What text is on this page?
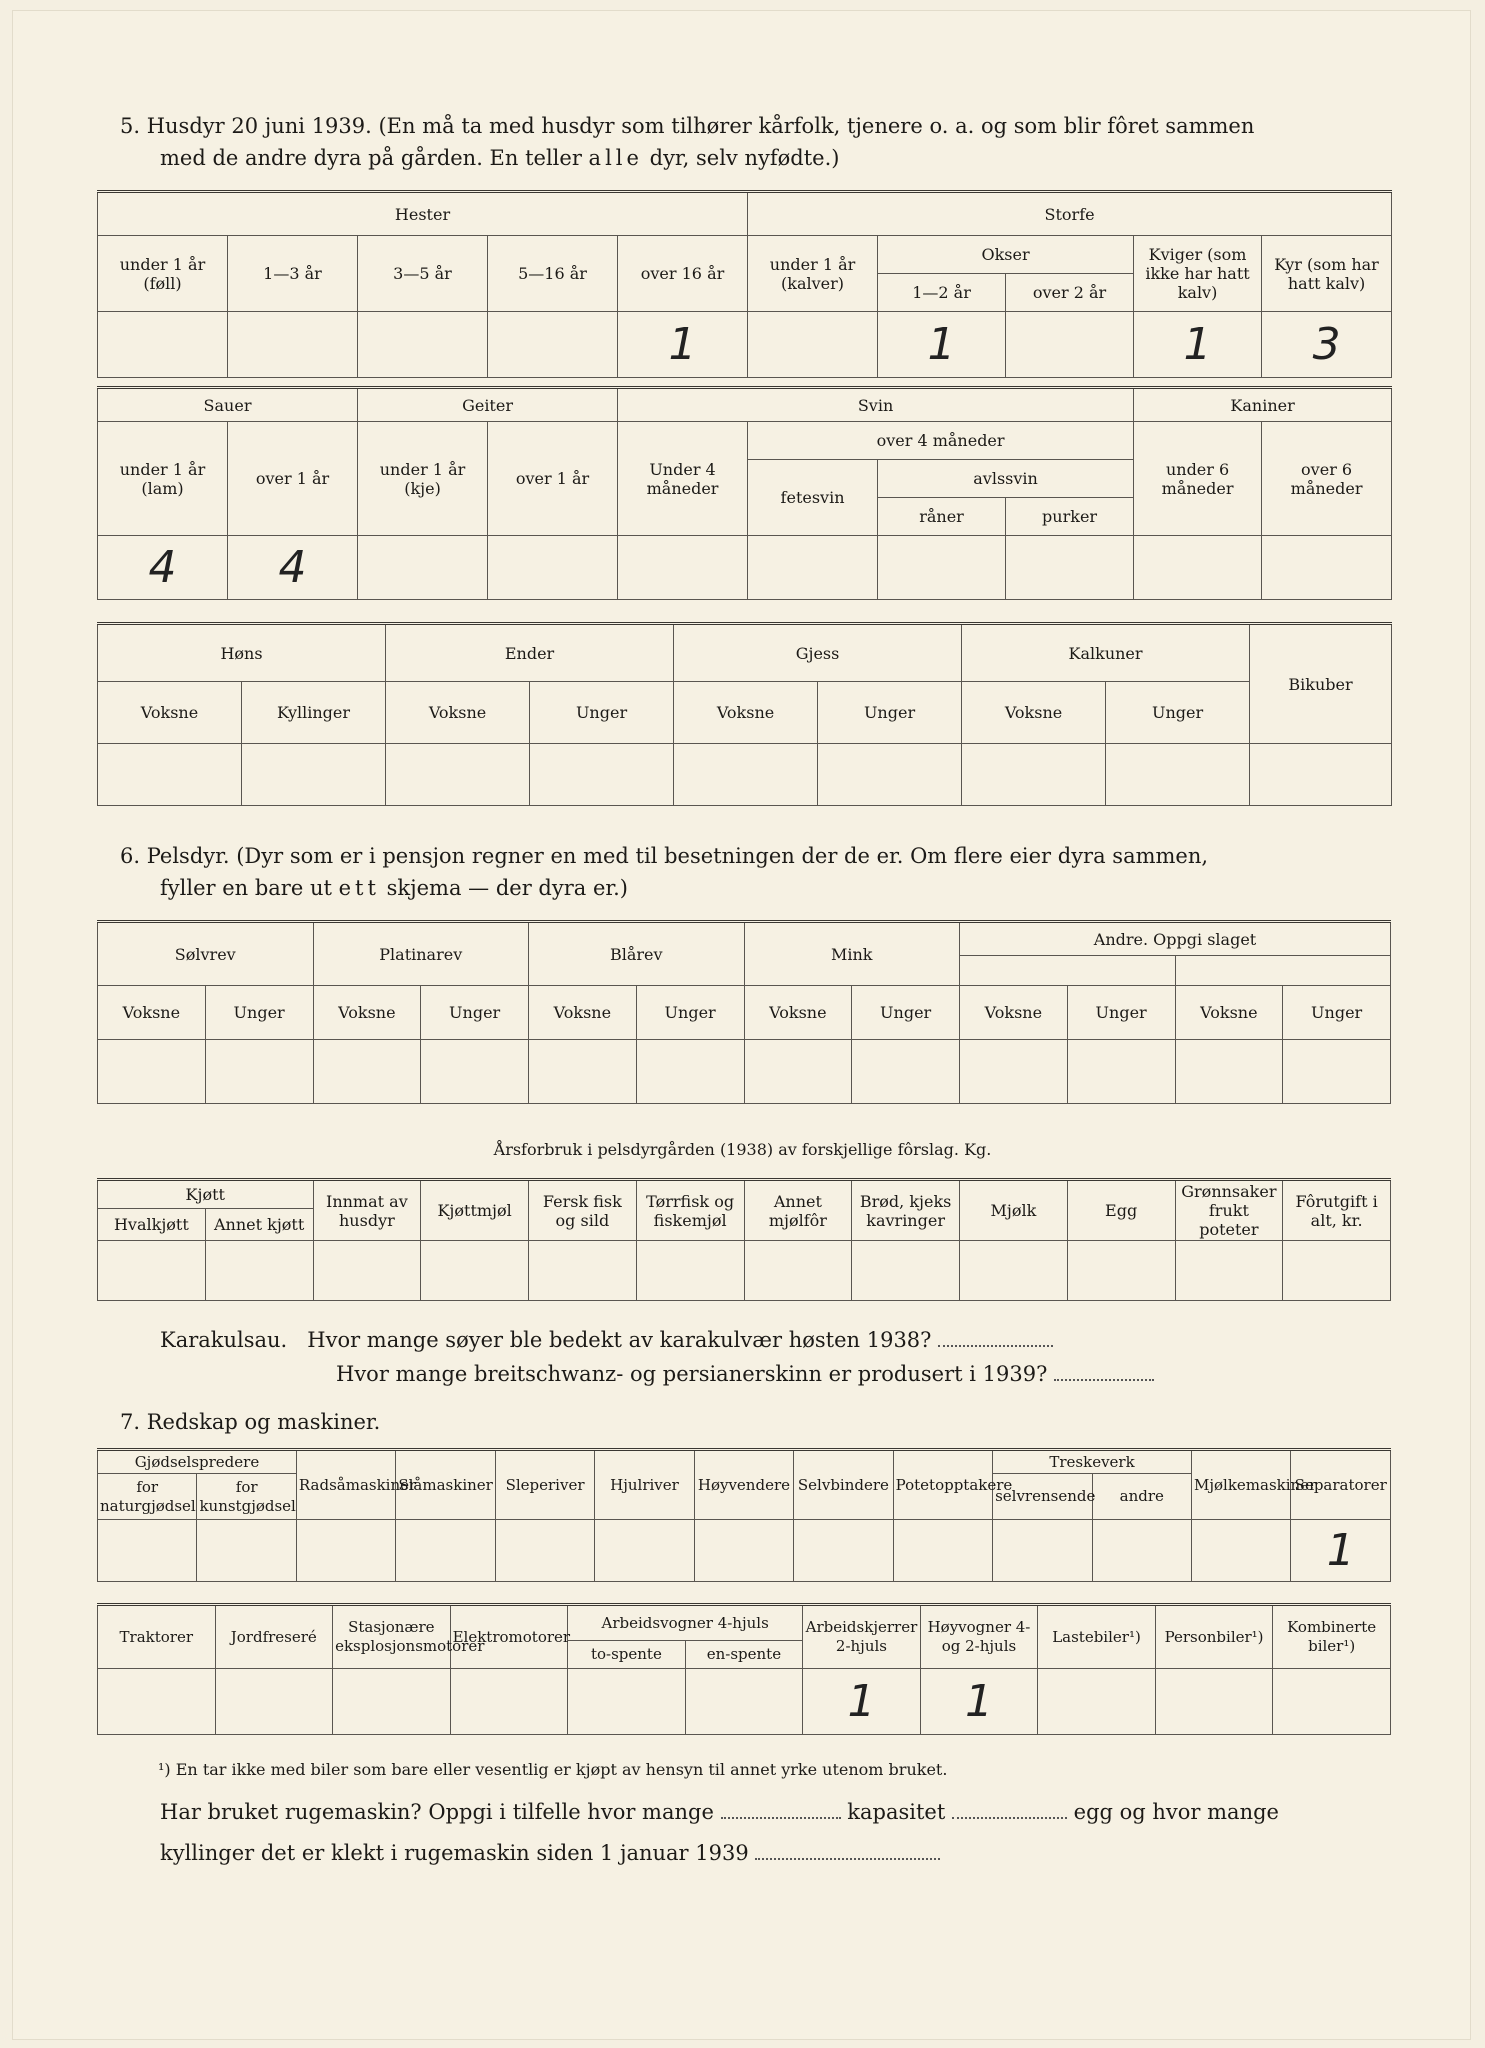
5. Husdyr 20 juni 1939. (En må ta med husdyr som tilhører kårfolk, tjenere o. a. og som blir fôret sammen
med de andre dyra på gården. En teller alle dyr, selv nyfødte.)
Hester					Storfe				
under 1 år (føll)	1—3 år	3—5 år	5—16 år	over 16 år	under 1 år (kalver)	Okser		Kviger (som ikke har hatt kalv)	Kyr (som har hatt kalv)
						1—2 år	over 2 år		
				1		1		1	3
Sauer		Geiter		Svin				Kaniner	
under 1 år (lam)	over 1 år	under 1 år (kje)	over 1 år	Under 4 måneder	over 4 måneder			under 6 måneder	over 6 måneder
					fetesvin	avlssvin			
						råner	purker		
4	4								
Høns		Ender		Gjess		Kalkuner		Bikuber
Voksne	Kyllinger	Voksne	Unger	Voksne	Unger	Voksne	Unger	

6. Pelsdyr. (Dyr som er i pensjon regner en med til besetningen der de er. Om flere eier dyra sammen,
fyller en bare ut ett skjema — der dyra er.)
Sølvrev		Platinarev		Blårev		Mink		Andre. Oppgi slaget			

Voksne	Unger	Voksne	Unger	Voksne	Unger	Voksne	Unger	Voksne	Unger	Voksne	Unger

Årsforbruk i pelsdyrgården (1938) av forskjellige fôrslag. Kg.
Kjøtt		Innmat av husdyr	Kjøttmjøl	Fersk fisk og sild	Tørrfisk og fiskemjøl	Annet mjølfôr	Brød, kjeks kavringer	Mjølk	Egg	Grønnsaker frukt poteter	Fôrutgift i alt, kr.
Hvalkjøtt	Annet kjøtt										

Karakulsau. Hvor mange søyer ble bedekt av karakulvær høsten 1938?
Hvor mange breitschwanz- og persianerskinn er produsert i 1939?
7. Redskap og maskiner.
Gjødselspredere		Radsåmaskiner	Slåmaskiner	Sleperiver	Hjulriver	Høyvendere	Selvbindere	Potetopptakere	Treskeverk		Mjølkemaskiner	Separatorer
for naturgjødsel	for kunstgjødsel								selvrensende	andre		
												1
Traktorer	Jordfreseré	Stasjonære eksplosjonsmotorer	Elektromotorer	Arbeidsvogner 4-hjuls		Arbeidskjerrer 2-hjuls	Høyvogner 4- og 2-hjuls	Lastebiler¹)	Personbiler¹)	Kombinerte biler¹)
				to-spente	en-spente					
						1	1			
¹) En tar ikke med biler som bare eller vesentlig er kjøpt av hensyn til annet yrke utenom bruket.
Har bruket rugemaskin? Oppgi i tilfelle hvor mange	kapasitet	egg og hvor mange
kyllinger det er klekt i rugemaskin siden 1 januar 1939
